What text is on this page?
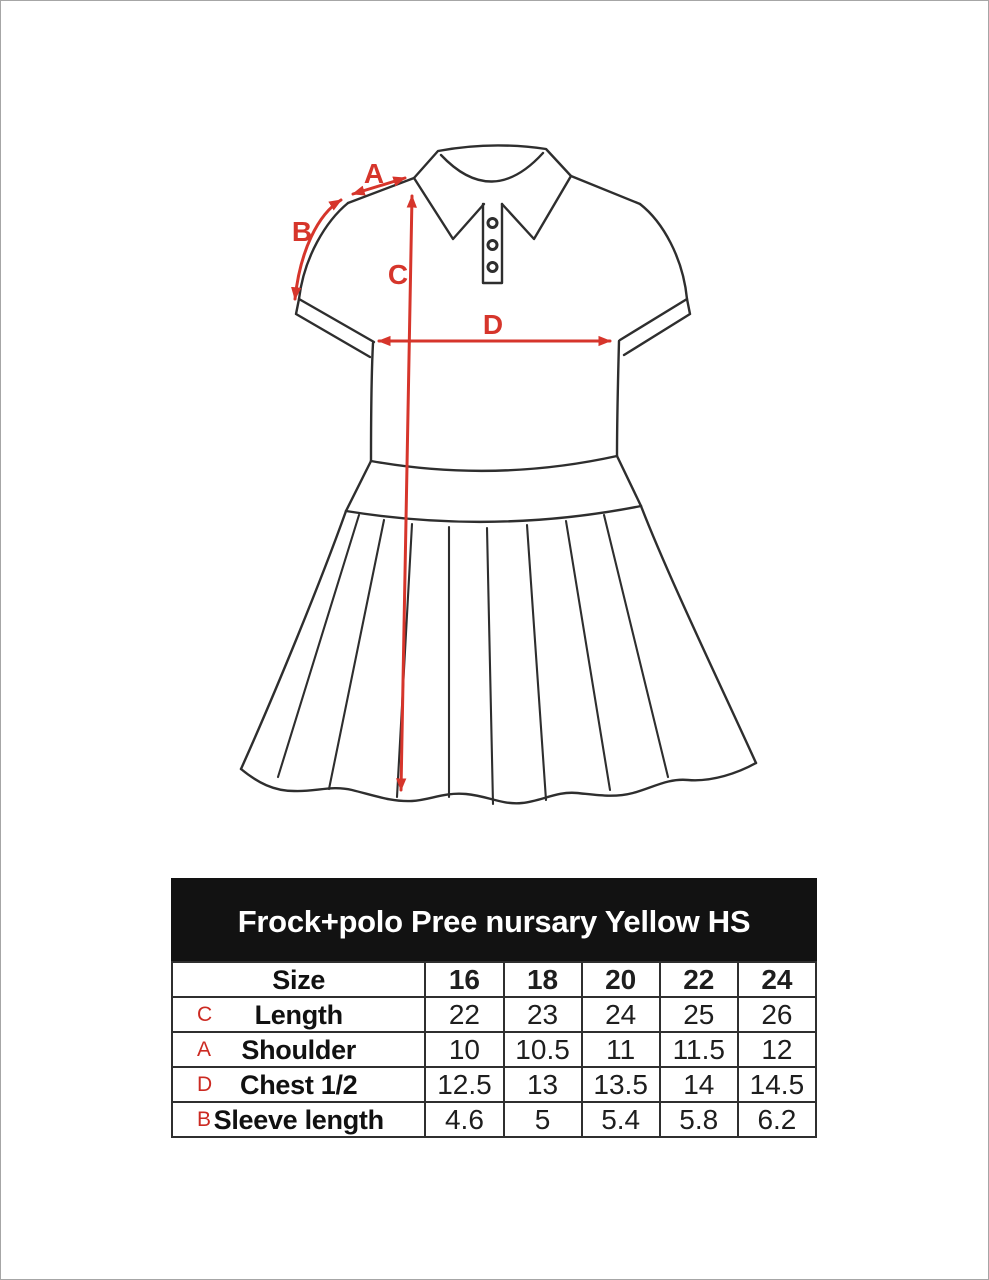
A
B
C
D
Frock+polo Pree nursary Yellow HS
Size	16	18	20	22	24

C Length	22	23	24	25	26

A Shoulder	10	10.5	11	11.5	12

D Chest 1/2	12.5	13	13.5	14	14.5

B Sleeve length	4.6	5	5.4	5.8	6.2
